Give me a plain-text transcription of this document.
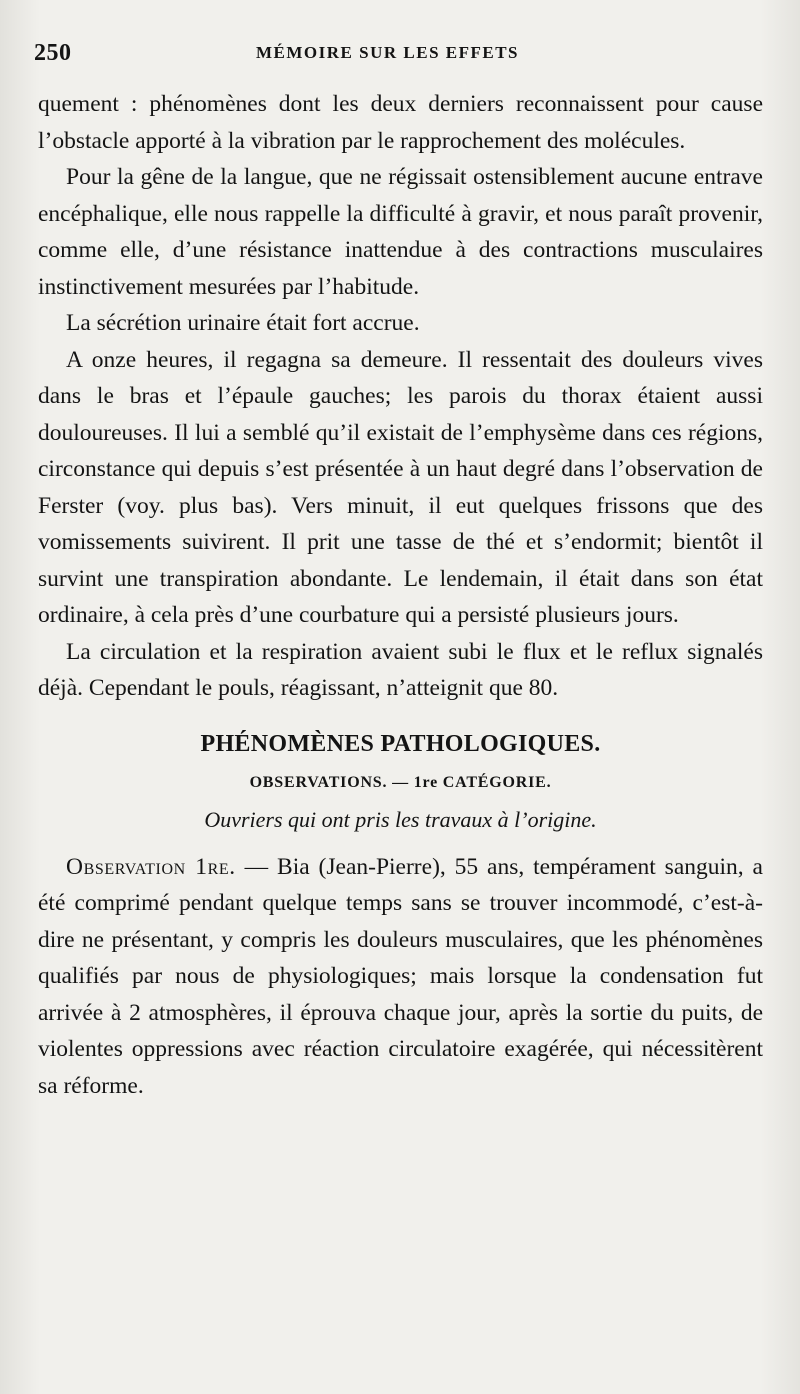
250	MÉMOIRE SUR LES EFFETS

quement : phénomènes dont les deux derniers reconnaissent pour cause l’obstacle apporté à la vibration par le rapprochement des molécules.

Pour la gêne de la langue, que ne régissait ostensiblement aucune entrave encéphalique, elle nous rappelle la difficulté à gravir, et nous paraît provenir, comme elle, d’une résistance inattendue à des contractions musculaires instinctivement mesurées par l’habitude.

La sécrétion urinaire était fort accrue.

A onze heures, il regagna sa demeure. Il ressentait des douleurs vives dans le bras et l’épaule gauches; les parois du thorax étaient aussi douloureuses. Il lui a semblé qu’il existait de l’emphysème dans ces régions, circonstance qui depuis s’est présentée à un haut degré dans l’observation de Ferster (voy. plus bas). Vers minuit, il eut quelques frissons que des vomissements suivirent. Il prit une tasse de thé et s’endormit; bientôt il survint une transpiration abondante. Le lendemain, il était dans son état ordinaire, à cela près d’une courbature qui a persisté plusieurs jours.

La circulation et la respiration avaient subi le flux et le reflux signalés déjà. Cependant le pouls, réagissant, n’atteignit que 80.

PHÉNOMÈNES PATHOLOGIQUES.
OBSERVATIONS. — 1re CATÉGORIE.
Ouvriers qui ont pris les travaux à l’origine.

Observation 1re. — Bia (Jean-Pierre), 55 ans, tempérament sanguin, a été comprimé pendant quelque temps sans se trouver incommodé, c’est-à-dire ne présentant, y compris les douleurs musculaires, que les phénomènes qualifiés par nous de physiologiques; mais lorsque la condensation fut arrivée à 2 atmosphères, il éprouva chaque jour, après la sortie du puits, de violentes oppressions avec réaction circulatoire exagérée, qui nécessitèrent sa réforme.
